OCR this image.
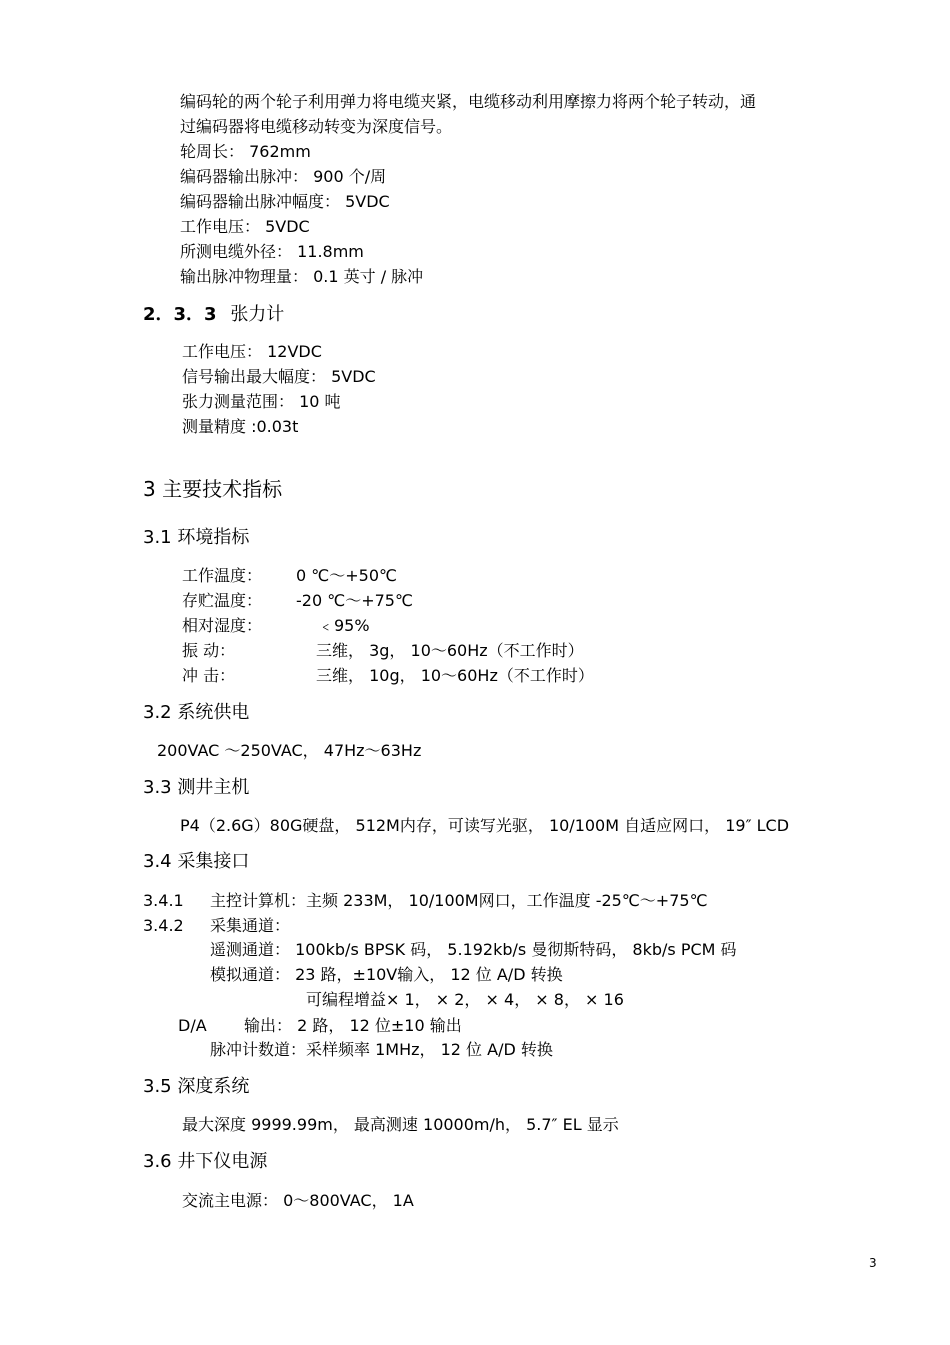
编码轮的两个轮子利用弹力将电缆夹紧，电缆移动利用摩擦力将两个轮子转动，通
过编码器将电缆移动转变为深度信号。
轮周长： 762mm
编码器输出脉冲： 900 个/周
编码器输出脉冲幅度： 5VDC
工作电压： 5VDC
所测电缆外径： 11.8mm
输出脉冲物理量： 0.1 英寸 / 脉冲
2．3．3 张力计
工作电压： 12VDC
信号输出最大幅度： 5VDC
张力测量范围： 10 吨
测量精度 :0.03t
3 主要技术指标
3.1 环境指标
工作温度： 0 ℃～+50℃
存贮温度： -20 ℃～+75℃
相对湿度：	﹤95%
振 动：	三维， 3g， 10～60Hz（不工作时）
冲 击：	三维， 10g， 10～60Hz（不工作时）
3.2 系统供电
200VAC ～250VAC， 47Hz～63Hz
3.3 测井主机
P4（2.6G）80G硬盘， 512M内存，可读写光驱， 10/100M 自适应网口， 19″ LCD
3.4 采集接口
3.4.1 主控计算机：主频 233M， 10/100M网口，工作温度 -25℃～+75℃
3.4.2 采集通道：
遥测通道： 100kb/s BPSK 码， 5.192kb/s 曼彻斯特码， 8kb/s PCM 码
模拟通道： 23 路，±10V输入， 12 位 A/D 转换
可编程增益× 1， × 2， × 4， × 8， × 16
D/A 输出： 2 路， 12 位±10 输出
脉冲计数道：采样频率 1MHz， 12 位 A/D 转换
3.5 深度系统
最大深度 9999.99m， 最高测速 10000m/h， 5.7″ EL 显示
3.6 井下仪电源
交流主电源： 0～800VAC， 1A
3
